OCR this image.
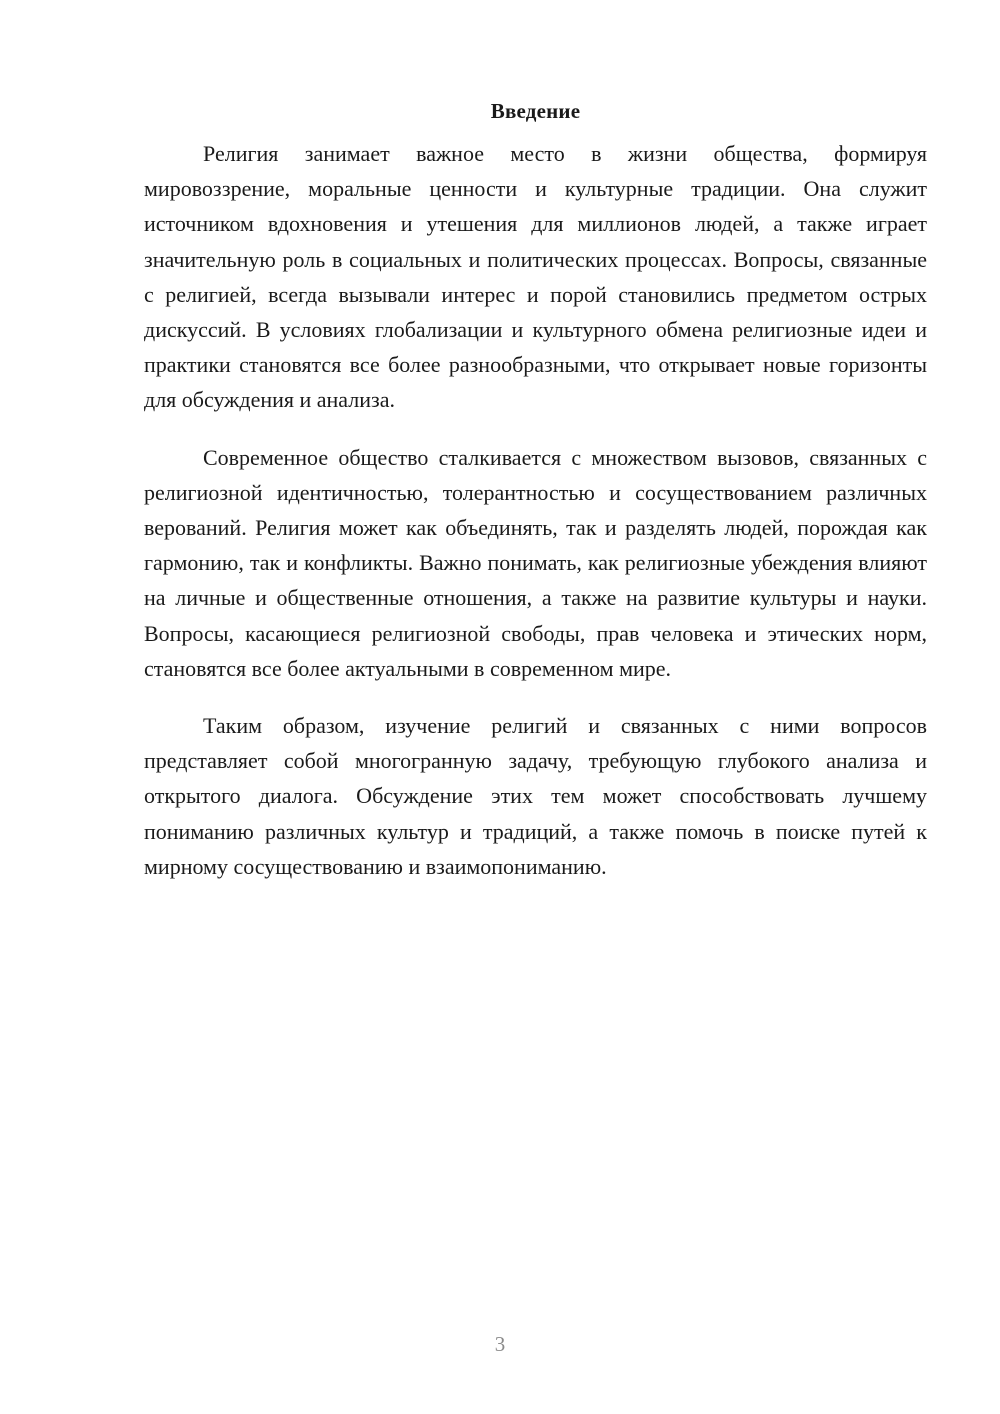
Введение

Религия занимает важное место в жизни общества, формируя мировоззрение, моральные ценности и культурные традиции. Она служит источником вдохновения и утешения для миллионов людей, а также играет значительную роль в социальных и политических процессах. Вопросы, связанные с религией, всегда вызывали интерес и порой становились предметом острых дискуссий. В условиях глобализации и культурного обмена религиозные идеи и практики становятся все более разнообразными, что открывает новые горизонты для обсуждения и анализа.

Современное общество сталкивается с множеством вызовов, связанных с религиозной идентичностью, толерантностью и сосуществованием различных верований. Религия может как объединять, так и разделять людей, порождая как гармонию, так и конфликты. Важно понимать, как религиозные убеждения влияют на личные и общественные отношения, а также на развитие культуры и науки. Вопросы, касающиеся религиозной свободы, прав человека и этических норм, становятся все более актуальными в современном мире.

Таким образом, изучение религий и связанных с ними вопросов представляет собой многогранную задачу, требующую глубокого анализа и открытого диалога. Обсуждение этих тем может способствовать лучшему пониманию различных культур и традиций, а также помочь в поиске путей к мирному сосуществованию и взаимопониманию.

3
